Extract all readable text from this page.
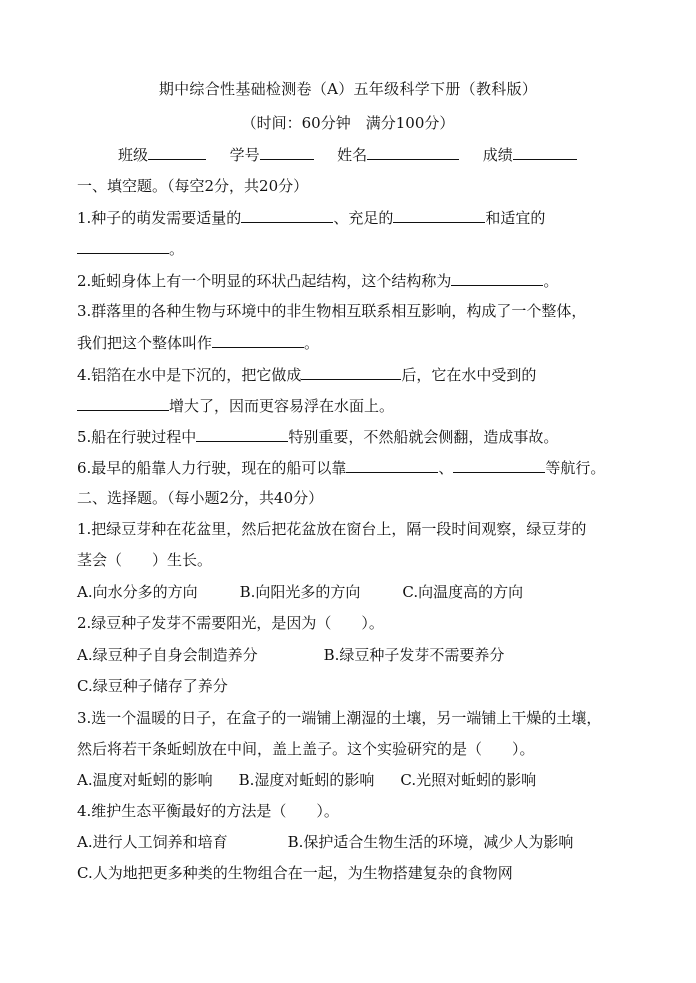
期中综合性基础检测卷（A）五年级科学下册（教科版）
（时间：60分钟　满分100分）
班级	学号	姓名	成绩
一、填空题。（每空2分，共20分）
1.种子的萌发需要适量的	、充足的	和适宜的
。
2.蚯蚓身体上有一个明显的环状凸起结构，这个结构称为	。
3.群落里的各种生物与环境中的非生物相互联系相互影响，构成了一个整体，
我们把这个整体叫作	。
4.铝箔在水中是下沉的，把它做成	后，它在水中受到的
增大了，因而更容易浮在水面上。
5.船在行驶过程中	特别重要，不然船就会侧翻，造成事故。
6.最早的船靠人力行驶，现在的船可以靠	、	等航行。
二、选择题。（每小题2分，共40分）
1.把绿豆芽种在花盆里，然后把花盆放在窗台上，隔一段时间观察，绿豆芽的
茎会（　　）生长。
A.向水分多的方向	B.向阳光多的方向	C.向温度高的方向
2.绿豆种子发芽不需要阳光，是因为（　　）。
A.绿豆种子自身会制造养分	B.绿豆种子发芽不需要养分
C.绿豆种子储存了养分
3.选一个温暖的日子，在盒子的一端铺上潮湿的土壤，另一端铺上干燥的土壤，
然后将若干条蚯蚓放在中间，盖上盖子。这个实验研究的是（　　）。
A.温度对蚯蚓的影响 B.湿度对蚯蚓的影响 C.光照对蚯蚓的影响
4.维护生态平衡最好的方法是（　　）。
A.进行人工饲养和培育	B.保护适合生物生活的环境，减少人为影响
C.人为地把更多种类的生物组合在一起，为生物搭建复杂的食物网
